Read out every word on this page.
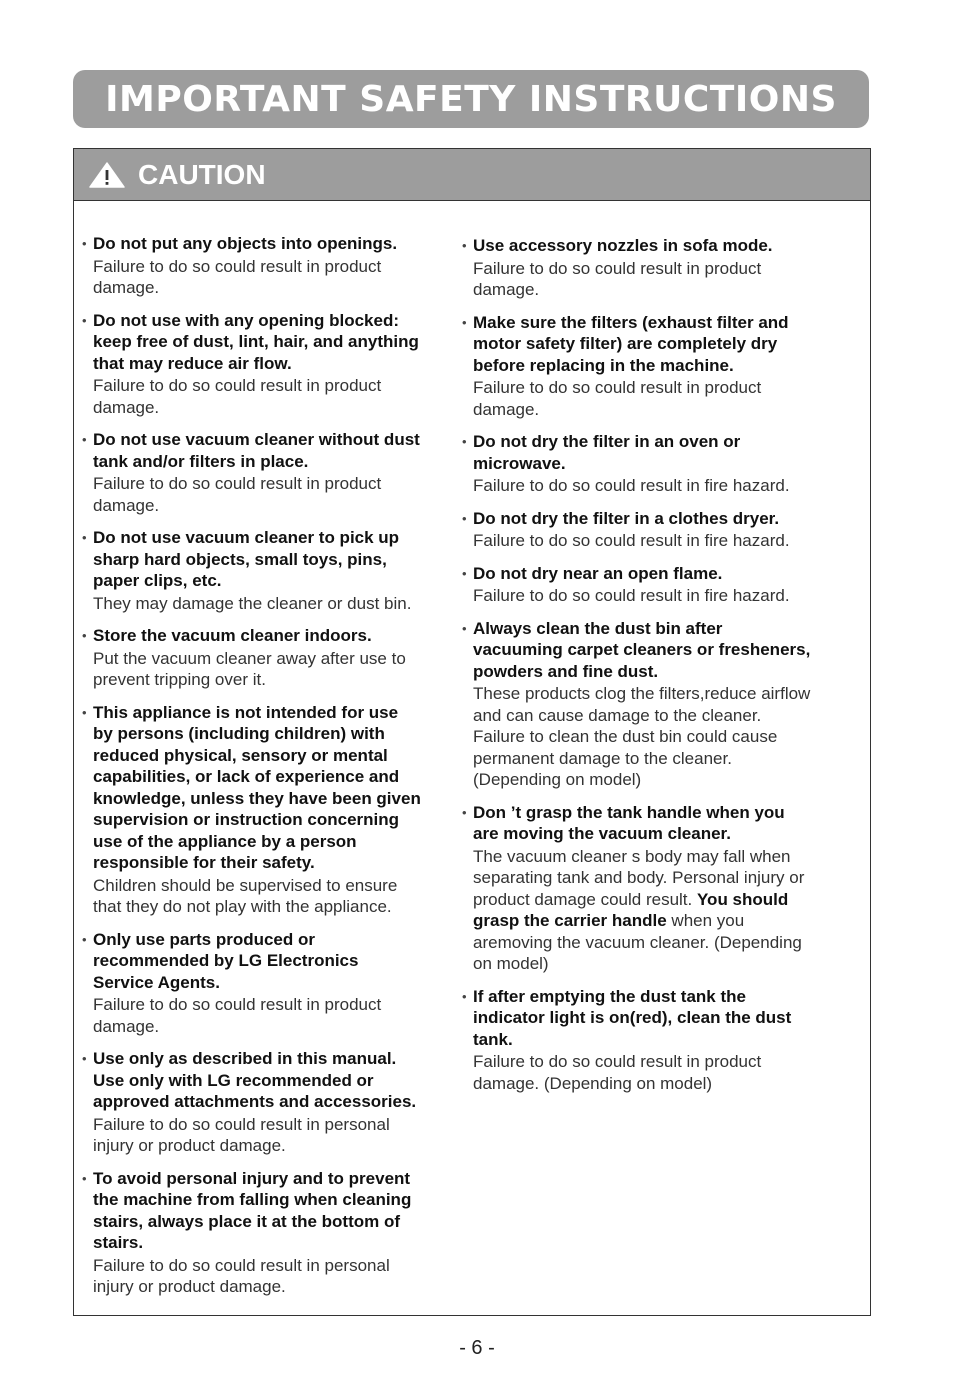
IMPORTANT SAFETY INSTRUCTIONS
CAUTION
• Do not put any objects into openings.
Failure to do so could result in product damage.
• Do not use with any opening blocked: keep free of dust, lint, hair, and anything that may reduce air flow.
Failure to do so could result in product damage.
• Do not use vacuum cleaner without dust tank and/or filters in place.
Failure to do so could result in product damage.
• Do not use vacuum cleaner to pick up sharp hard objects, small toys, pins, paper clips, etc.
They may damage the cleaner or dust bin.
• Store the vacuum cleaner indoors.
Put the vacuum cleaner away after use to prevent tripping over it.
• This appliance is not intended for use by persons (including children) with reduced physical, sensory or mental capabilities, or lack of experience and knowledge, unless they have been given supervision or instruction concerning use of the appliance by a person responsible for their safety.
Children should be supervised to ensure that they do not play with the appliance.
• Only use parts produced or recommended by LG Electronics Service Agents.
Failure to do so could result in product damage.
• Use only as described in this manual. Use only with LG recommended or approved attachments and accessories.
Failure to do so could result in personal injury or product damage.
• To avoid personal injury and to prevent the machine from falling when cleaning stairs, always place it at the bottom of stairs.
Failure to do so could result in personal injury or product damage.
• Use accessory nozzles in sofa mode.
Failure to do so could result in product damage.
• Make sure the filters (exhaust filter and motor safety filter) are completely dry before replacing in the machine.
Failure to do so could result in product damage.
• Do not dry the filter in an oven or microwave.
Failure to do so could result in fire hazard.
• Do not dry the filter in a clothes dryer.
Failure to do so could result in fire hazard.
• Do not dry near an open flame.
Failure to do so could result in fire hazard.
• Always clean the dust bin after vacuuming carpet cleaners or fresheners, powders and fine dust.
These products clog the filters,reduce airflow and can cause damage to the cleaner. Failure to clean the dust bin could cause permanent damage to the cleaner. (Depending on model)
• Don ’t grasp the tank handle when you are moving the vacuum cleaner.
The vacuum cleaner s body may fall when separating tank and body. Personal injury or product damage could result. You should grasp the carrier handle when you aremoving the vacuum cleaner. (Depending on model)
• If after emptying the dust tank the indicator light is on(red), clean the dust tank.
Failure to do so could result in product damage. (Depending on model)
- 6 -
